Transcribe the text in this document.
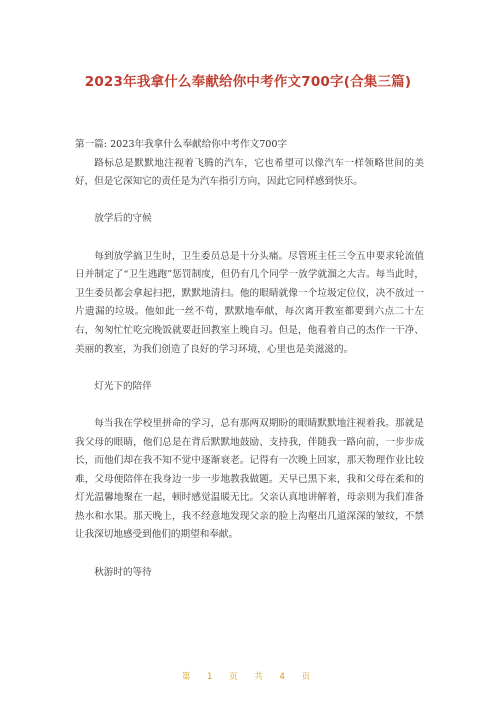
2023年我拿什么奉献给你中考作文700字(合集三篇)

第一篇: 2023年我拿什么奉献给你中考作文700字

路标总是默默地注视着飞腾的汽车，它也希望可以像汽车一样领略世间的美好，但是它深知它的责任是为汽车指引方向，因此它同样感到快乐。

放学后的守候

每到放学搞卫生时，卫生委员总是十分头痛。尽管班主任三令五申要求轮流值日并制定了“卫生逃跑”惩罚制度，但仍有几个同学一放学就溜之大吉。每当此时，卫生委员都会拿起扫把，默默地清扫。他的眼睛就像一个垃圾定位仪，决不放过一片遗漏的垃圾。他如此一丝不苟，默默地奉献，每次离开教室都要到六点二十左右，匆匆忙忙吃完晚饭就要赶回教室上晚自习。但是，他看着自己的杰作一干净、美丽的教室，为我们创造了良好的学习环境，心里也是美滋滋的。

灯光下的陪伴

每当我在学校里拼命的学习，总有那两双期盼的眼睛默默地注视着我。那就是我父母的眼睛，他们总是在背后默默地鼓励、支持我，伴随我一路向前，一步步成长，而他们却在我不知不觉中逐渐衰老。记得有一次晚上回家，那天物理作业比较难，父母便陪伴在我身边一步一步地教我做题。天早已黑下来，我和父母在柔和的灯光温馨地聚在一起，顿时感觉温暖无比。父亲认真地讲解着，母亲则为我们准备热水和水果。那天晚上，我不经意地发现父亲的脸上沟壑出几道深深的皱纹，不禁让我深切地感受到他们的期望和奉献。

秋游时的等待

第 1 页 共 4 页
